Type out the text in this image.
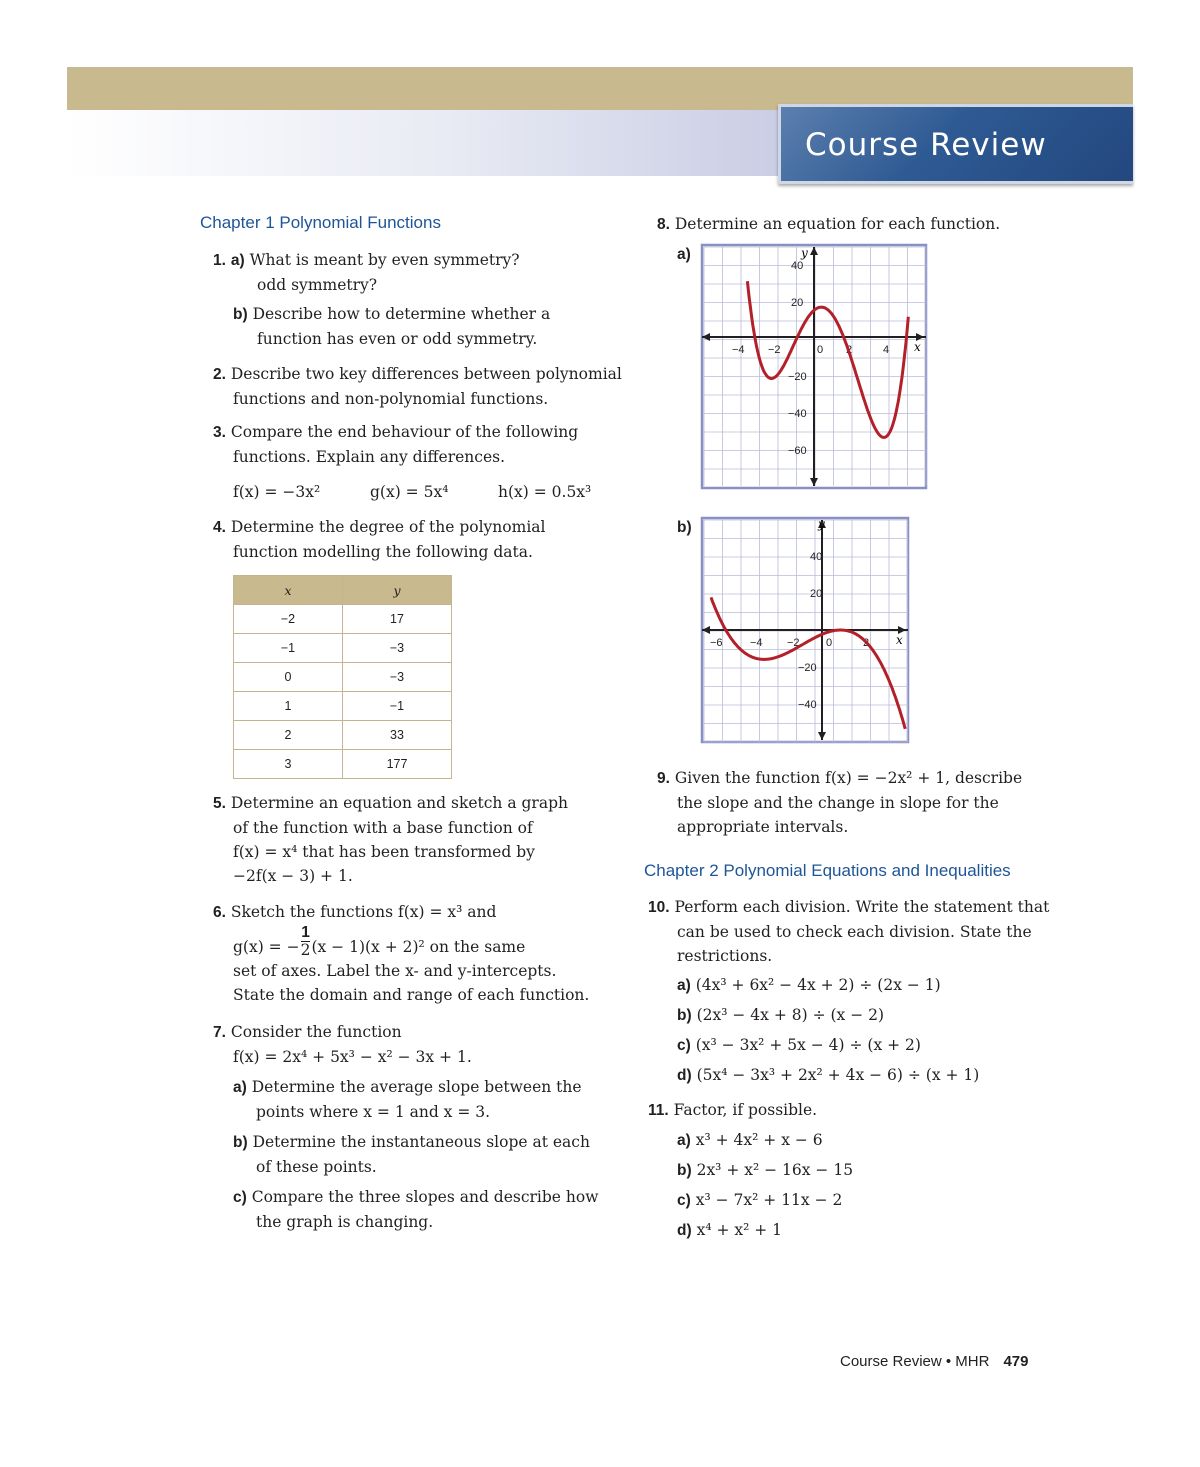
Course Review
Chapter 1 Polynomial Functions
1. a) What is meant by even symmetry?
odd symmetry?
b) Describe how to determine whether a
function has even or odd symmetry.
2. Describe two key differences between polynomial
functions and non-polynomial functions.
3. Compare the end behaviour of the following
functions. Explain any differences.
f(x) = −3x²	g(x) = 5x⁴	h(x) = 0.5x³
4. Determine the degree of the polynomial
function modelling the following data.
x	y
−2	17
−1	−3
0	−3
1	−1
2	33
3	177
5. Determine an equation and sketch a graph
of the function with a base function of
f(x) = x⁴ that has been transformed by
−2f(x − 3) + 1.
6. Sketch the functions f(x) = x³ and
g(x) = − $\frac{1}{2} (x - 1)(x + 2)^2$ on the same
set of axes. Label the x- and y-intercepts.
State the domain and range of each function.
7. Consider the function
f(x) = 2x⁴ + 5x³ − x² − 3x + 1.
a) Determine the average slope between the
points where x = 1 and x = 3.
b) Determine the instantaneous slope at each
of these points.
c) Compare the three slopes and describe how
the graph is changing.
8. Determine an equation for each function.
a)
b)
−4 −2	0 2	4
40
20
−20
−40
−60
x
y
−6 −4 −2 0	2
40
20
−20
−40
x
y
9. Given the function f(x) = −2x² + 1, describe
the slope and the change in slope for the
appropriate intervals.
Chapter 2 Polynomial Equations and Inequalities
10. Perform each division. Write the statement that
can be used to check each division. State the
restrictions.
a) (4x³ + 6x² − 4x + 2) ÷ (2x − 1)
b) (2x³ − 4x + 8) ÷ (x − 2)
c) (x³ − 3x² + 5x − 4) ÷ (x + 2)
d) (5x⁴ − 3x³ + 2x² + 4x − 6) ÷ (x + 1)
11. Factor, if possible.
a) x³ + 4x² + x − 6
b) 2x³ + x² − 16x − 15
c) x³ − 7x² + 11x − 2
d) x⁴ + x² + 1
Course Review • MHR 479
